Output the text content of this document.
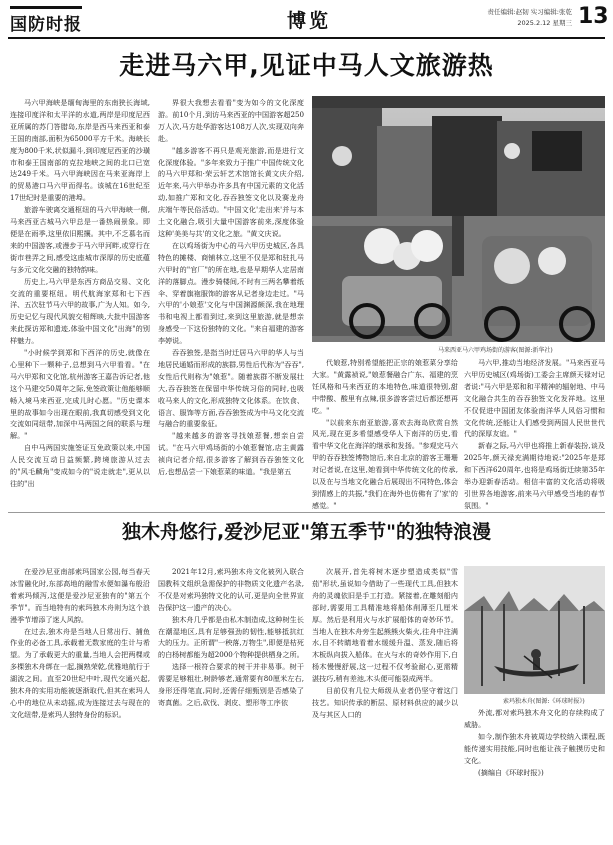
国防时报	博览	责任编辑:赵韧 实习编辑:张乾
2025.2.12 星期三 13
走进马六甲,见证中马人文旅游热

马六甲海峡是缅甸海里的东南狭长海域,连接印度洋和太平洋的水道,两岸是印度尼西亚所属的苏门答腊岛,东岸是西马来西亚和泰王国的南部,面积为65000平方千米。海峡长度为800千米,状似漏斗,到印度尼西亚的沙璜市和泰王国南部的克拉地峡之间的北口已宽达249千米。马六甲海峡因在马来亚海岸上的贸易港口马六甲而得名。该城在16世纪至17世纪时是重要的港埠。

旅游车驶离交通枢纽的马六甲海峡一侧,马来西亚古城马六甲总是一番热闹景象。即便是在雨季,这里依旧熙攘。其中,不乏慕名而来的中国游客,或漫步于马六甲河畔,或穿行在街市巷弄之间,感受这座城市深厚的历史底蕴与多元文化交融的独特韵味。

历史上,马六甲是东西方商品交易、文化交流的重要枢纽。明代航海家郑和七下西洋、五次驻节马六甲的故事,广为人知。如今,历史记忆与现代风貌交相辉映,大批中国游客来此探访郑和遗迹,体验中国文化"出海"的别样魅力。

"小时候学到郑和下西洋的历史,就像在心里种下一颗种子,总想到马六甲看看。"在马六甲郑和文化馆,杭州游客王嘉告诉记者,他这个马建交50周年之际,免签政策让他能够顺畅入境马来西亚,完成儿时心愿。"历史课本里的故事如今出现在眼前,我真切感受到文化交流如同纽带,加深中马两国之间的联系与理解。"

自中马两国实施签证互免政策以来,中国人民交流互动日益频繁,跨境旅游从过去的"风毛麟角"变成如今的"说走就走",更从以往的"出

界很大我想去看看"变为如今的文化深度游。前10个月,到访马来西亚的中国游客超250万人次,马方赴华游客达108万人次,实现双向奔赴。

"越多游客不再只是观光旅游,而是进行文化深度体验。"多年来致力于推广中国传统文化的马六甲郑和·荣云轩艺术馆馆长黄文庆介绍,近年来,马六甲举办许多具有中国元素的文化活动,如推广郑和文化,吞吞独签文化以及赛龙舟庆端午等民俗活动。"中国文化'走出来'并与本土文化融合,吸引大量中国游客前来,深度体验这种'美美与共'的文化之旅。"黄文庆说。

在以鸡场街为中心的马六甲历史城区,各具特色的摊楼、商铺林立,这里不仅是郑和驻扎马六甲时的"官厂"的所在地,也是早期华人定居南洋的落脚点。漫步骑楼间,不时有三两名攀着纸伞、穿着旗袍服饰的游客从记者身边走过。"马六甲的'小娘惹'文化与中国渊源颇深,我在地理书和电视上都看到过,来到这里旅游,就是想亲身感受一下这份独特的文化。"来自福建的游客李婷说。

吞吞独签,是指当时迁居马六甲的华人与当地居民通婚而形成的族群,男性后代称为"吞吞",女性后代则称为"娘惹"。随着族群不断发展壮大,吞吞独签在保留中华传统习俗的同时,也吸收马来人的文化,形成独特文化体系。在饮食、语言、服饰等方面,吞吞独签成为中马文化交流与融合的重要象征。

"越来越多的游客寻找娘惹餐,想亲自尝试。"在马六甲鸡场街的小娘惹餐馆,店主黄露祯向记者介绍,很多游客了解到吞吞独签文化后,也想品尝一下娘惹菜的味道。"我是第五

马来西亚马六甲鸡场街的游客(图源:新华社)

代娘惹,特别希望能把正宗的娘惹菜分享给大家。"黄露祯说,"娘惹餐融合广东、福建的烹饪风格和马来西亚的本地特色,味道很特别,甜中带酸、酸里有点辣,很多游客尝过后都还想再吃。"

"以前来东南亚旅游,喜欢去海岛欣赏自然风光,现在更多希望感受华人下南洋的历史,看看中华文化在海洋的继承和发扬。"参观完马六甲的吞吞独签博物馆后,来自北京的游客王珊珊对记者说,在这里,她看到中华传统文化的传承,以及在与当地文化融合后展现出不同特色,体会到情感上的共振,"我们在海外也仿佛有了'家'的感觉。"

马六甲,推动当地经济发展。"马来西亚马六甲历史城区(鸡场街)工委会主席颜天禄对记者说:"马六甲是郑和和平精神的辐射地、中马文化融合共生的吞吞独签文化发祥地。这里不仅促进中国团友体验南洋华人风俗习惯和文化传统,还能让人们感受到两国人民世世代代的深厚友谊。"

新春之际,马六甲也将推上新春装扮,谈及2025年,颜天禄充满期待地说:"2025年是郑和下西洋620周年,也将是鸡场街迁续第35年举办迎新春活动。相信丰富的文化活动将吸引世界各地游客,前来马六甲感受当地的春节氛围。"

独木舟悠行,爱沙尼亚"第五季节"的独特浪漫

在爱沙尼亚南部索玛国家公园,每当春天冰雪融化时,东部高地的融雪水便如瀑布般沿着索玛倾泻,这便是爱沙尼亚独有的"第五个季节"。而当地特有的索玛独木舟则为这个浪漫季节增添了迷人风韵。

在过去,独木舟是当地人日常出行、捕鱼作业的必备工具,承载着无数家庭的生计与希望。为了承载更大的重量,当地人会把两棵或多棵独木舟绑在一起,搁熟荣乾,优雅地航行于湖波之间。直至20世纪中叶,现代交通兴起,独木舟的实用功能被逐渐取代,但其在索玛人心中的地位从未动摇,成为连接过去与现在的文化纽带,是索玛人独特身份的标识。

2021年12月,索玛独木舟文化被列入联合国教科文组织急需保护的非物质文化遗产名录,不仅是对索玛独特文化的认可,更是向全世界宣告保护这一遗产的决心。

独木舟几乎都是由私木制造成,这种树生长在潮湿地区,具有足够强劲的韧性,能够抵抗红大的压力。正所谓"一秧落,万物生",即便是枯死的白杨树都能为超2000个物种提供栖身之所。

选择一根符合要求的树干并非易事。树干需要足够粗壮,树龄够老,通常要有80厘米左右,身形还得笔直,同时,还需仔细甄别是否感染了寄真菌。之后,砍伐、剥皮、塑形等工序依

次展开,首先将树木逐步塑造成类似"雪茄"形状,虽说如今借助了一些现代工具,但独木舟的灵魂依旧是手工打造。紧接着,在雕刻船内部时,需要用工具精准地将船体削薄至几厘米厚。然后是利用火与水扩展船体的奇妙环节。当地人在独木舟旁生起熊熊火柴火,往舟中注满水,目不转睛地看着水缓缓升温、蒸发,随后将木板纵向拔入船体。在火与水的奇妙作用下,白杨木慢慢舒展,这一过程不仅考验耐心,更需精湛技巧,稍有差池,木头便可能裂成两半。

目前仅有几位大师级从业者仍坚守着这门技艺。知识传承的断层、原材料供应的减少以及与其区人口的

索玛独木舟(图源:《环球时报》)

外流,都对索玛独木舟文化的存续构成了威胁。

如今,制作独木舟被周边学校纳入课程,既能传递实用技能,同时也能让孩子触摸历史和文化。

(摘编自《环球时报》)
